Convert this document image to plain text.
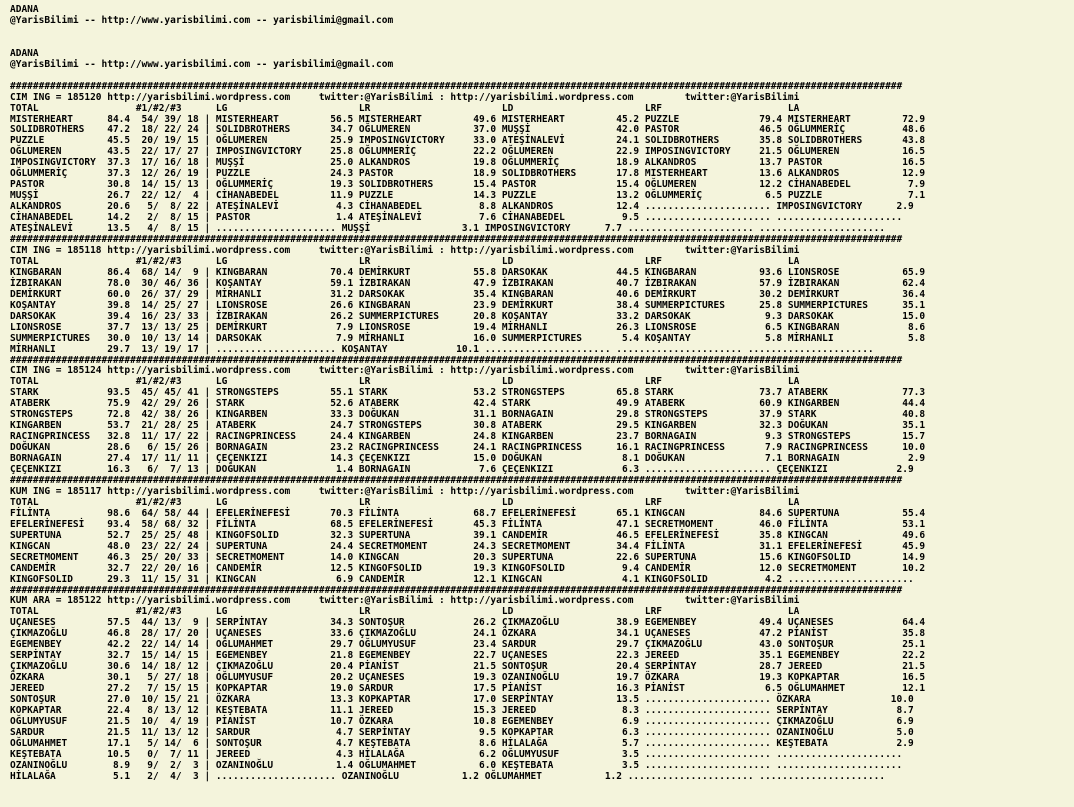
ADANA
@YarisBilimi -- http://www.yarisbilimi.com -- yarisbilimi@gmail.com

ADANA
@YarisBilimi -- http://www.yarisbilimi.com -- yarisbilimi@gmail.com

############################################################################################################################################################
CIM ING = 185120 http://yarisbilimi.wordpress.com     twitter:@YarisBilimi : http://yarisbilimi.wordpress.com         twitter:@YarisBilimi
TOTAL                 #1/#2/#3      LG                       LR                       LD                       LRF                      LA
MISTERHEART      84.4  54/ 39/ 18 | MISTERHEART         56.5 MISTERHEART         49.6 MISTERHEART         45.2 PUZZLE              79.4 MISTERHEART         72.9
SOLIDBROTHERS    47.2  18/ 22/ 24 | SOLIDBROTHERS       34.7 OĞLUMEREN           37.0 MUŞŞİ               42.0 PASTOR              46.5 OĞLUMMERİÇ          48.6
PUZZLE           45.5  20/ 19/ 15 | OĞLUMEREN           25.9 IMPOSINGVICTORY     33.0 ATEŞİNALEVİ         24.1 SOLIDBROTHERS       35.8 SOLIDBROTHERS       43.8
OĞLUMEREN        43.5  22/ 17/ 27 | IMPOSINGVICTORY     25.8 OĞLUMMERİÇ          22.2 OĞLUMEREN           22.9 IMPOSINGVICTORY     21.5 OĞLUMEREN           16.5
IMPOSINGVICTORY  37.3  17/ 16/ 18 | MUŞŞİ               25.0 ALKANDROS           19.8 OĞLUMMERİÇ          18.9 ALKANDROS           13.7 PASTOR              16.5
OĞLUMMERİÇ       37.3  12/ 26/ 19 | PUZZLE              24.3 PASTOR              18.9 SOLIDBROTHERS       17.8 MISTERHEART         13.6 ALKANDROS           12.9
PASTOR           30.8  14/ 15/ 13 | OĞLUMMERİÇ          19.3 SOLIDBROTHERS       15.4 PASTOR              15.4 OĞLUMEREN           12.2 CİHANABEDEL          7.9
MUŞŞİ            26.7  22/ 12/  4 | CİHANABEDEL         11.9 PUZZLE              14.3 PUZZLE              13.2 OĞLUMMERİÇ           6.5 PUZZLE               7.1
ALKANDROS        20.6   5/  8/ 22 | ATEŞİNALEVİ          4.3 CİHANABEDEL          8.8 ALKANDROS           12.4 ...................... IMPOSINGVICTORY      2.9
CİHANABEDEL      14.2   2/  8/ 15 | PASTOR               1.4 ATEŞİNALEVİ          7.6 CİHANABEDEL          9.5 ...................... ......................
ATEŞİNALEVİ      13.5   4/  8/ 15 | ..................... MUŞŞİ                3.1 IMPOSINGVICTORY      7.7 ...................... ......................
############################################################################################################################################################
CIM ING = 185118 http://yarisbilimi.wordpress.com     twitter:@YarisBilimi : http://yarisbilimi.wordpress.com         twitter:@YarisBilimi
TOTAL                 #1/#2/#3      LG                       LR                       LD                       LRF                      LA
KINGBARAN        86.4  68/ 14/  9 | KINGBARAN           70.4 DEMİRKURT           55.8 DARSOKAK            44.5 KINGBARAN           93.6 LIONSROSE           65.9
İZBIRAKAN        78.0  30/ 46/ 36 | KOŞANTAY            59.1 İZBIRAKAN           47.9 İZBIRAKAN           40.7 İZBIRAKAN           57.9 İZBIRAKAN           62.4
DEMİRKURT        60.0  26/ 37/ 29 | MİRHANLI            31.2 DARSOKAK            35.4 KINGBARAN           40.6 DEMİRKURT           30.2 DEMİRKURT           36.4
KOŞANTAY         39.8  14/ 25/ 27 | LIONSROSE           26.6 KINGBARAN           23.9 DEMİRKURT           38.4 SUMMERPICTURES      25.8 SUMMERPICTURES      35.1
DARSOKAK         39.4  16/ 23/ 33 | İZBIRAKAN           26.2 SUMMERPICTURES      20.8 KOŞANTAY            33.2 DARSOKAK             9.3 DARSOKAK            15.0
LIONSROSE        37.7  13/ 13/ 25 | DEMİRKURT            7.9 LIONSROSE           19.4 MİRHANLI            26.3 LIONSROSE            6.5 KINGBARAN            8.6
SUMMERPICTURES   30.0  10/ 13/ 14 | DARSOKAK             7.9 MİRHANLI            16.0 SUMMERPICTURES       5.4 KOŞANTAY             5.8 MİRHANLI             5.8
MİRHANLI         29.7  13/ 19/ 17 | ..................... KOŞANTAY            10.1 ...................... ...................... ......................
############################################################################################################################################################
CIM ING = 185124 http://yarisbilimi.wordpress.com     twitter:@YarisBilimi : http://yarisbilimi.wordpress.com         twitter:@YarisBilimi
TOTAL                 #1/#2/#3      LG                       LR                       LD                       LRF                      LA
STARK            93.5  45/ 45/ 41 | STRONGSTEPS         55.1 STARK               53.2 STRONGSTEPS         65.8 STARK               73.7 ATABERK             77.3
ATABERK          75.9  42/ 29/ 26 | STARK               52.6 ATABERK             42.4 STARK               49.9 ATABERK             60.9 KINGARBEN           44.4
STRONGSTEPS      72.8  42/ 38/ 26 | KINGARBEN           33.3 DOĞUKAN             31.1 BORNAGAIN           29.8 STRONGSTEPS         37.9 STARK               40.8
KINGARBEN        53.7  21/ 28/ 25 | ATABERK             24.7 STRONGSTEPS         30.8 ATABERK             29.5 KINGARBEN           32.3 DOĞUKAN             35.1
RACINGPRINCESS   32.8  11/ 17/ 22 | RACINGPRINCESS      24.4 KINGARBEN           24.8 KINGARBEN           23.7 BORNAGAIN            9.3 STRONGSTEPS         15.7
DOĞUKAN          28.6   6/ 15/ 26 | BORNAGAIN           23.2 RACINGPRINCESS      24.1 RACINGPRINCESS      16.1 RACINGPRINCESS       7.9 RACINGPRINCESS      10.0
BORNAGAIN        27.4  17/ 11/ 11 | ÇEÇENKIZI           14.3 ÇEÇENKIZI           15.0 DOĞUKAN              8.1 DOĞUKAN              7.1 BORNAGAIN            2.9
ÇEÇENKIZI        16.3   6/  7/ 13 | DOĞUKAN              1.4 BORNAGAIN            7.6 ÇEÇENKIZI            6.3 ...................... ÇEÇENKIZI            2.9
############################################################################################################################################################
KUM ING = 185117 http://yarisbilimi.wordpress.com     twitter:@YarisBilimi : http://yarisbilimi.wordpress.com         twitter:@YarisBilimi
TOTAL                 #1/#2/#3      LG                       LR                       LD                       LRF                      LA
FİLİNTA          98.6  64/ 58/ 44 | EFELERİNEFESİ       70.3 FİLİNTA             68.7 EFELERİNEFESİ       65.1 KINGCAN             84.6 SUPERTUNA           55.4
EFELERİNEFESİ    93.4  58/ 68/ 32 | FİLİNTA             68.5 EFELERİNEFESİ       45.3 FİLİNTA             47.1 SECRETMOMENT        46.0 FİLİNTA             53.1
SUPERTUNA        52.7  25/ 25/ 48 | KINGOFSOLID         32.3 SUPERTUNA           39.1 CANDEMİR            46.5 EFELERİNEFESİ       35.8 KINGCAN             49.6
KINGCAN          48.0  23/ 22/ 24 | SUPERTUNA           24.4 SECRETMOMENT        24.3 SECRETMOMENT        34.4 FİLİNTA             31.1 EFELERİNEFESİ       45.9
SECRETMOMENT     46.3  25/ 20/ 33 | SECRETMOMENT        14.0 KINGCAN             20.3 SUPERTUNA           22.6 SUPERTUNA           15.6 KINGOFSOLID         14.9
CANDEMİR         32.7  22/ 20/ 16 | CANDEMİR            12.5 KINGOFSOLID         19.3 KINGOFSOLID          9.4 CANDEMİR            12.0 SECRETMOMENT        10.2
KINGOFSOLID      29.3  11/ 15/ 31 | KINGCAN              6.9 CANDEMİR            12.1 KINGCAN              4.1 KINGOFSOLID          4.2 ......................
############################################################################################################################################################
KUM ARA = 185122 http://yarisbilimi.wordpress.com     twitter:@YarisBilimi : http://yarisbilimi.wordpress.com         twitter:@YarisBilimi
TOTAL                 #1/#2/#3      LG                       LR                       LD                       LRF                      LA
UÇANESES         57.5  44/ 13/  9 | SERPİNTAY           34.3 SONTOŞUR            26.2 ÇIKMAZOĞLU          38.9 EGEMENBEY           49.4 UÇANESES            64.4
ÇIKMAZOĞLU       46.8  28/ 17/ 20 | UÇANESES            33.6 ÇIKMAZOĞLU          24.1 ÖZKARA              34.1 UÇANESES            47.2 PİANİST             35.8
EGEMENBEY        42.2  22/ 14/ 14 | OĞLUMAHMET          29.7 OĞLUMYUSUF          23.4 SARDUR              29.7 ÇIKMAZOĞLU          43.0 SONTOŞUR            25.1
SERPİNTAY        32.7  15/ 14/ 15 | EGEMENBEY           21.8 EGEMENBEY           22.7 UÇANESES            22.3 JEREED              35.1 EGEMENBEY           22.2
ÇIKMAZOĞLU       30.6  14/ 18/ 12 | ÇIKMAZOĞLU          20.4 PİANİST             21.5 SONTOŞUR            20.4 SERPİNTAY           28.7 JEREED              21.5
ÖZKARA           30.1   5/ 27/ 18 | OĞLUMYUSUF          20.2 UÇANESES            19.3 OZANINOĞLU          19.7 ÖZKARA              19.3 KOPKAPTAR           16.5
JEREED           27.2   7/ 15/ 15 | KOPKAPTAR           19.0 SARDUR              17.5 PİANİST             16.3 PİANİST              6.5 OĞLUMAHMET          12.1
SONTOŞUR         27.0  10/ 15/ 21 | ÖZKARA              13.3 KOPKAPTAR           17.0 SERPİNTAY           13.5 ...................... ÖZKARA              10.0
KOPKAPTAR        22.4   8/ 13/ 12 | KEŞTEBATA           11.1 JEREED              15.3 JEREED               8.3 ...................... SERPİNTAY            8.7
OĞLUMYUSUF       21.5  10/  4/ 19 | PİANİST             10.7 ÖZKARA              10.8 EGEMENBEY            6.9 ...................... ÇIKMAZOĞLU           6.9
SARDUR           21.5  11/ 13/ 12 | SARDUR               4.7 SERPİNTAY            9.5 KOPKAPTAR            6.3 ...................... OZANINOĞLU           5.0
OĞLUMAHMET       17.1   5/ 14/  6 | SONTOŞUR             4.7 KEŞTEBATA            8.6 HİLALAĞA             5.7 ...................... KEŞTEBATA            2.9
KEŞTEBATA        10.5   0/  7/ 11 | JEREED               4.3 HİLALAĞA             6.2 OĞLUMYUSUF           3.5 ...................... ......................
OZANINOĞLU        8.9   9/  2/  3 | OZANINOĞLU           1.4 OĞLUMAHMET           6.0 KEŞTEBATA            3.5 ...................... ......................
HİLALAĞA          5.1   2/  4/  3 | ..................... OZANINOĞLU           1.2 OĞLUMAHMET           1.2 ...................... ......................
